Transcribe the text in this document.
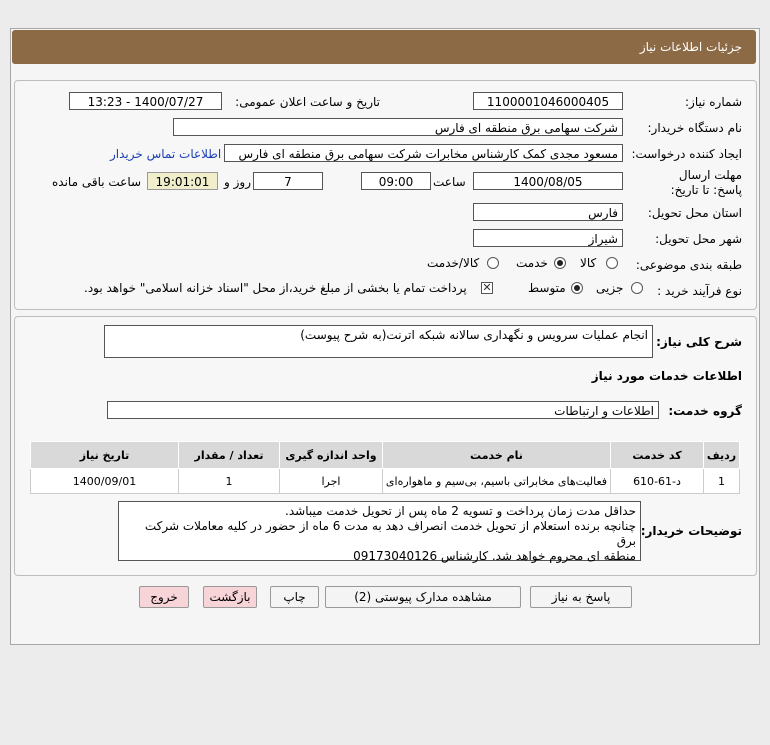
جزئیات اطلاعات نیاز
شماره نیاز:
1100001046000405
تاریخ و ساعت اعلان عمومی:
1400/07/27 - 13:23
نام دستگاه خریدار:
شرکت سهامی برق منطقه ای فارس
ایجاد کننده درخواست:
مسعود مجدی کمک کارشناس مخابرات شرکت سهامی برق منطقه ای فارس
اطلاعات تماس خریدار
مهلت ارسال پاسخ: تا تاریخ:
1400/08/05
ساعت
09:00
7
روز و
19:01:01
ساعت باقی مانده
استان محل تحویل:
فارس
شهر محل تحویل:
شیراز
طبقه بندی موضوعی:
کالا
خدمت
کالا/خدمت
نوع فرآیند خرید :
جزیی
متوسط
✕
پرداخت تمام یا بخشی از مبلغ خرید،از محل "اسناد خزانه اسلامی" خواهد بود.
شرح کلی نیاز:
انجام عملیات سرویس و نگهداری سالانه شبکه اترنت(به شرح پیوست)
اطلاعات خدمات مورد نیاز
گروه خدمت:
اطلاعات و ارتباطات
ردیف	کد خدمت	نام خدمت	واحد اندازه گیری	تعداد / مقدار	تاریخ نیاز
1	د-61-610	فعالیت‌های مخابراتی باسیم، بی‌سیم و ماهواره‌ای	اجرا	1	1400/09/01
توضیحات خریدار:
حداقل مدت زمان پرداخت و تسویه 2 ماه پس از تحویل خدمت میباشد.
چنانچه برنده استعلام از تحویل خدمت انصراف دهد به مدت 6 ماه از حضور در کلیه معاملات شرکت برق
منطقه ای محروم خواهد شد. کارشناس 09173040126
پاسخ به نیاز
مشاهده مدارک پیوستی (2)
چاپ
بازگشت
خروج
